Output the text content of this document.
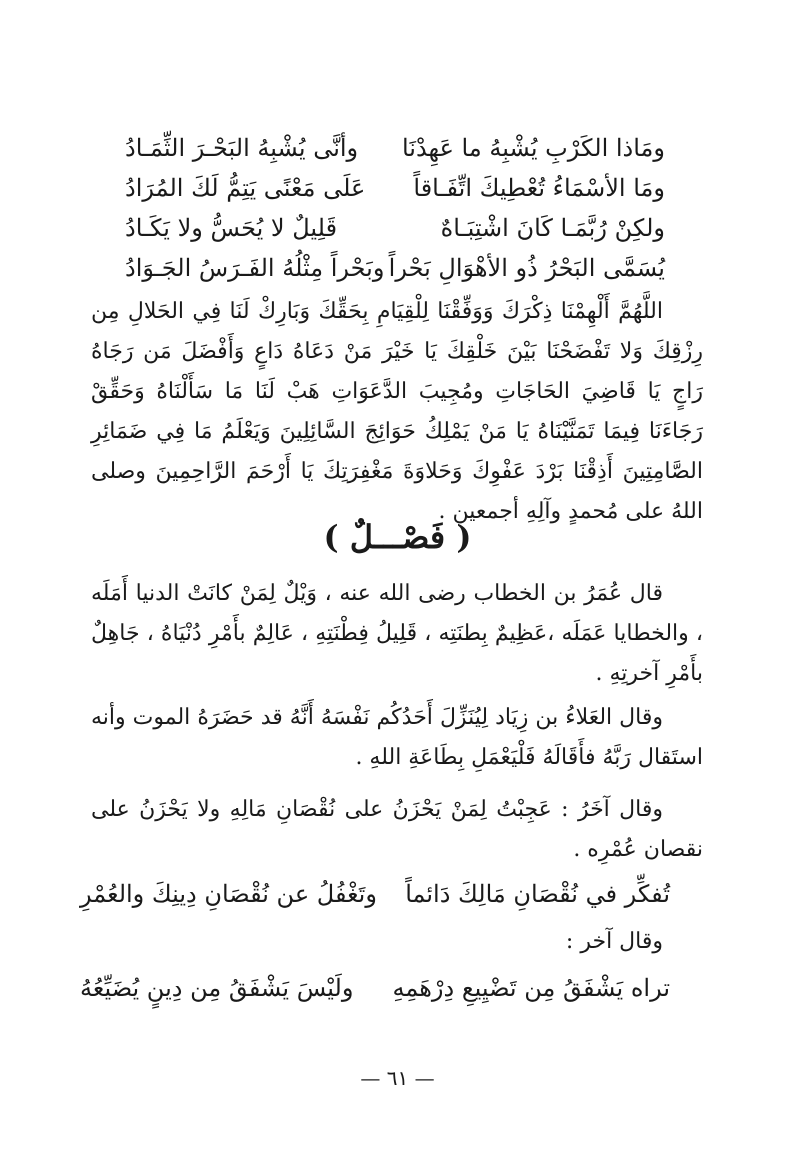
ومَاذا الكَرْبِ يُشْبِهُ ما عَهِدْنَا
وأنَّى يُشْبِهُ البَحْـرَ الثِّمَـادُ
ومَا الأسْمَاءُ تُعْطِيكَ اتِّفَـاقاً
عَلَى مَعْنًى يَتِمُّ لَكَ المُرَادُ
ولكِنْ رُبَّمَـا كَانَ اشْتِبَـاهٌ
قَلِيلٌ لا يُحَسُّ ولا يَكَـادُ
يُسَمَّى البَحْرُ ذُو الأهْوَالِ بَحْراً
وبَحْراً مِثْلُهُ الفَـرَسُ الجَـوَادُ
اللَّهُمَّ أَلْهِمْنَا ذِكْرَكَ وَوَفِّقْنَا لِلْقِيَامِ بِحَقِّكَ وَبَارِكْ لَنَا فِي الحَلالِ مِن رِزْقِكَ وَلا تَفْضَحْنَا بَيْنَ خَلْقِكَ يَا خَيْرَ مَنْ دَعَاهُ دَاعٍ وَأَفْضَلَ مَن رَجَاهُ رَاجٍ يَا قَاضِيَ الحَاجَاتِ ومُجِيبَ الدَّعَوَاتِ هَبْ لَنَا مَا سَأَلْنَاهُ وَحَقِّقْ رَجَاءَنَا فِيمَا تَمَنَّيْنَاهُ يَا مَنْ يَمْلِكُ حَوَائِجَ السَّائِلِينَ وَيَعْلَمُ مَا فِي ضَمَائِرِ الصَّامِتِينَ أَذِقْنَا بَرْدَ عَفْوِكَ وَحَلاوَةَ مَغْفِرَتِكَ يَا أَرْحَمَ الرَّاحِمِينَ وصلى اللهُ على مُحمدٍ وآلِهِ أجمعين .
( فَصْـــلٌ )
قال عُمَرُ بن الخطاب رضى الله عنه ، وَيْلٌ لِمَنْ كانَتْ الدنيا أَمَلَه ، والخطايا عَمَلَه ،عَظِيمٌ بِطنَتِه ، قَلِيلُ فِطْنَتِهِ ، عَالِمٌ بأَمْرِ دُنْيَاهُ ، جَاهِلٌ بأَمْرِ آخرتِهِ .
وقال العَلاءُ بن زِيَاد لِيُنَزِّلَ أَحَدُكُم نَفْسَهُ أَنَّهُ قد حَضَرَهُ الموت وأنه استَقال رَبَّهُ فأَقَالَهُ فَلْيَعْمَلِ بِطَاعَةِ اللهِ .
وقال آخَرُ : عَجِبْتُ لِمَنْ يَحْزَنُ على نُقْصَانِ مَالِهِ ولا يَحْزَنُ على نقصان عُمْرِه .
تُفكِّر في نُقْصَانِ مَالِكَ دَائماً
وتَغْفُلُ عن نُقْصَانِ دِينِكَ والعُمْرِ
وقال آخر :
تراه يَشْفَقُ مِن تَضْيِيعِ دِرْهَمِهِ
ولَيْسَ يَشْفَقُ مِن دِينٍ يُضَيِّعُهُ
— ٦١ —
